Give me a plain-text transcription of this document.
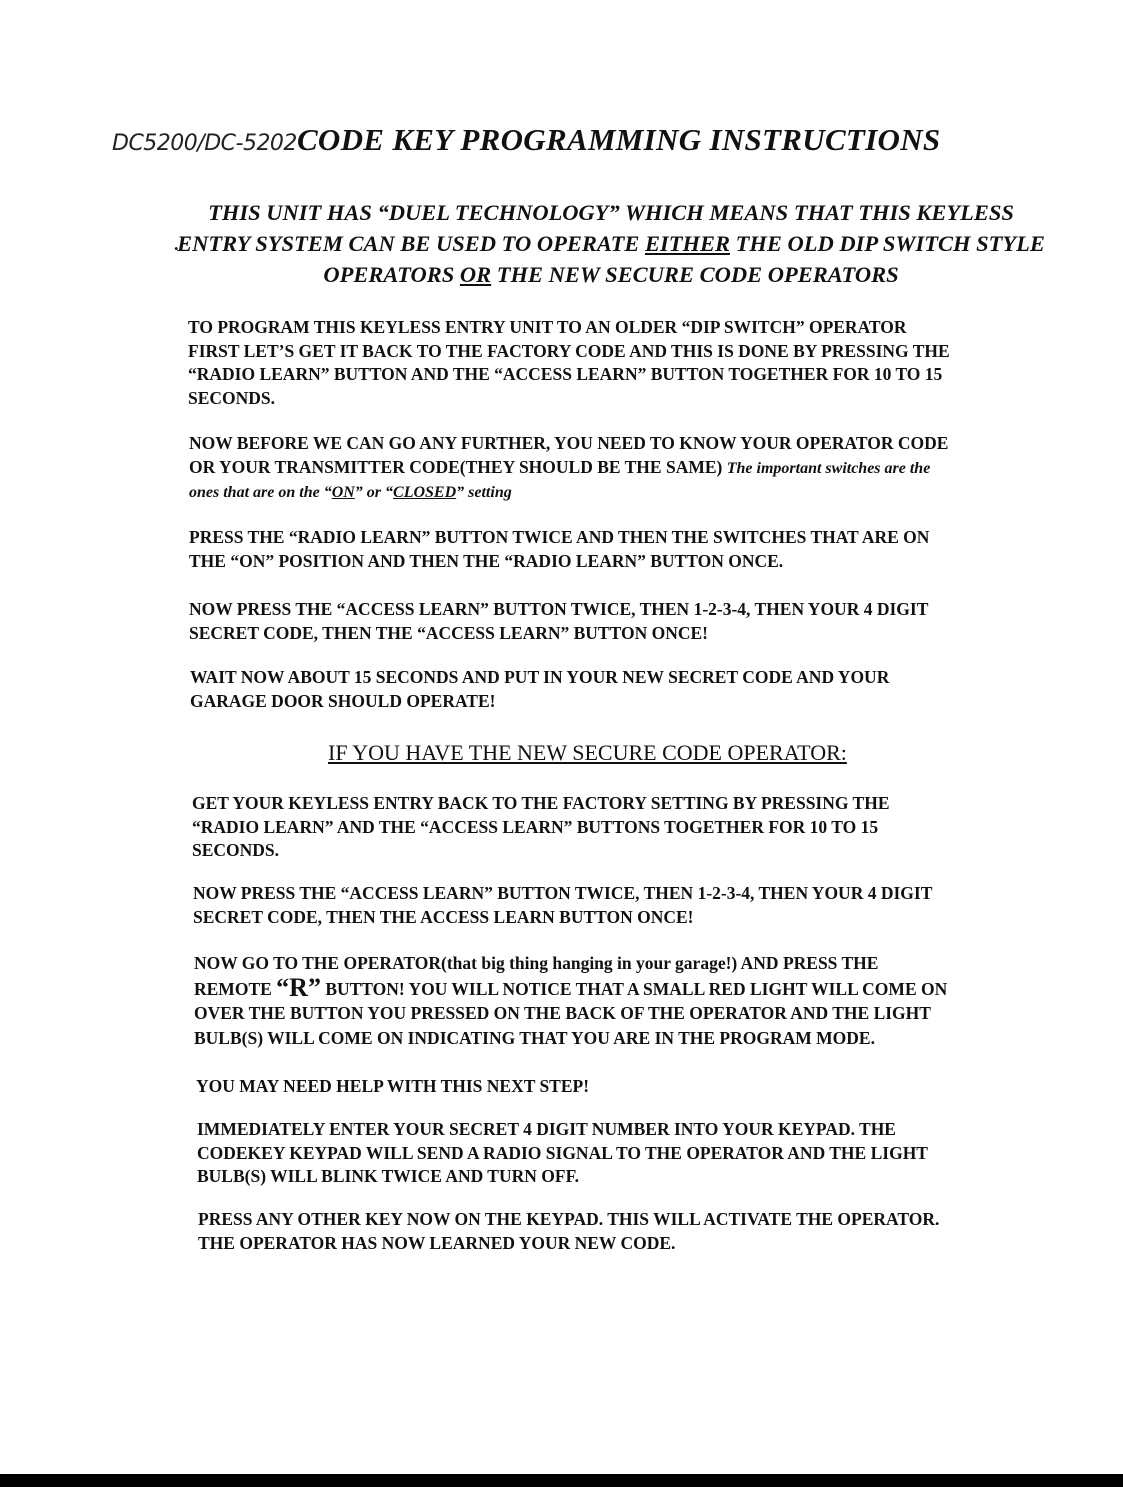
DC5200/DC-5202CODE KEY PROGRAMMING INSTRUCTIONS
.

THIS UNIT HAS “DUEL TECHNOLOGY” WHICH MEANS THAT THIS KEYLESS ENTRY SYSTEM CAN BE USED TO OPERATE EITHER THE OLD DIP SWITCH STYLE OPERATORS OR THE NEW SECURE CODE OPERATORS

TO PROGRAM THIS KEYLESS ENTRY UNIT TO AN OLDER “DIP SWITCH” OPERATOR
FIRST LET’S GET IT BACK TO THE FACTORY CODE AND THIS IS DONE BY PRESSING THE
“RADIO LEARN” BUTTON AND THE “ACCESS LEARN” BUTTON TOGETHER FOR 10 TO 15
SECONDS.

NOW BEFORE WE CAN GO ANY FURTHER, YOU NEED TO KNOW YOUR OPERATOR CODE
OR YOUR TRANSMITTER CODE(THEY SHOULD BE THE SAME) The important switches are the
ones that are on the “ON” or “CLOSED” setting

PRESS THE “RADIO LEARN” BUTTON TWICE AND THEN THE SWITCHES THAT ARE ON
THE “ON” POSITION AND THEN THE “RADIO LEARN” BUTTON ONCE.

NOW PRESS THE “ACCESS LEARN” BUTTON TWICE, THEN 1-2-3-4, THEN YOUR 4 DIGIT
SECRET CODE, THEN THE “ACCESS LEARN” BUTTON ONCE!

WAIT NOW ABOUT 15 SECONDS AND PUT IN YOUR NEW SECRET CODE AND YOUR
GARAGE DOOR SHOULD OPERATE!

IF YOU HAVE THE NEW SECURE CODE OPERATOR:

GET YOUR KEYLESS ENTRY BACK TO THE FACTORY SETTING BY PRESSING THE
“RADIO LEARN” AND THE “ACCESS LEARN” BUTTONS TOGETHER FOR 10 TO 15
SECONDS.

NOW PRESS THE “ACCESS LEARN” BUTTON TWICE, THEN 1-2-3-4, THEN YOUR 4 DIGIT
SECRET CODE, THEN THE ACCESS LEARN BUTTON ONCE!

NOW GO TO THE OPERATOR(that big thing hanging in your garage!) AND PRESS THE
REMOTE “R” BUTTON! YOU WILL NOTICE THAT A SMALL RED LIGHT WILL COME ON
OVER THE BUTTON YOU PRESSED ON THE BACK OF THE OPERATOR AND THE LIGHT
BULB(S) WILL COME ON INDICATING THAT YOU ARE IN THE PROGRAM MODE.

YOU MAY NEED HELP WITH THIS NEXT STEP!

IMMEDIATELY ENTER YOUR SECRET 4 DIGIT NUMBER INTO YOUR KEYPAD. THE
CODEKEY KEYPAD WILL SEND A RADIO SIGNAL TO THE OPERATOR AND THE LIGHT
BULB(S) WILL BLINK TWICE AND TURN OFF.

PRESS ANY OTHER KEY NOW ON THE KEYPAD. THIS WILL ACTIVATE THE OPERATOR.
THE OPERATOR HAS NOW LEARNED YOUR NEW CODE.
